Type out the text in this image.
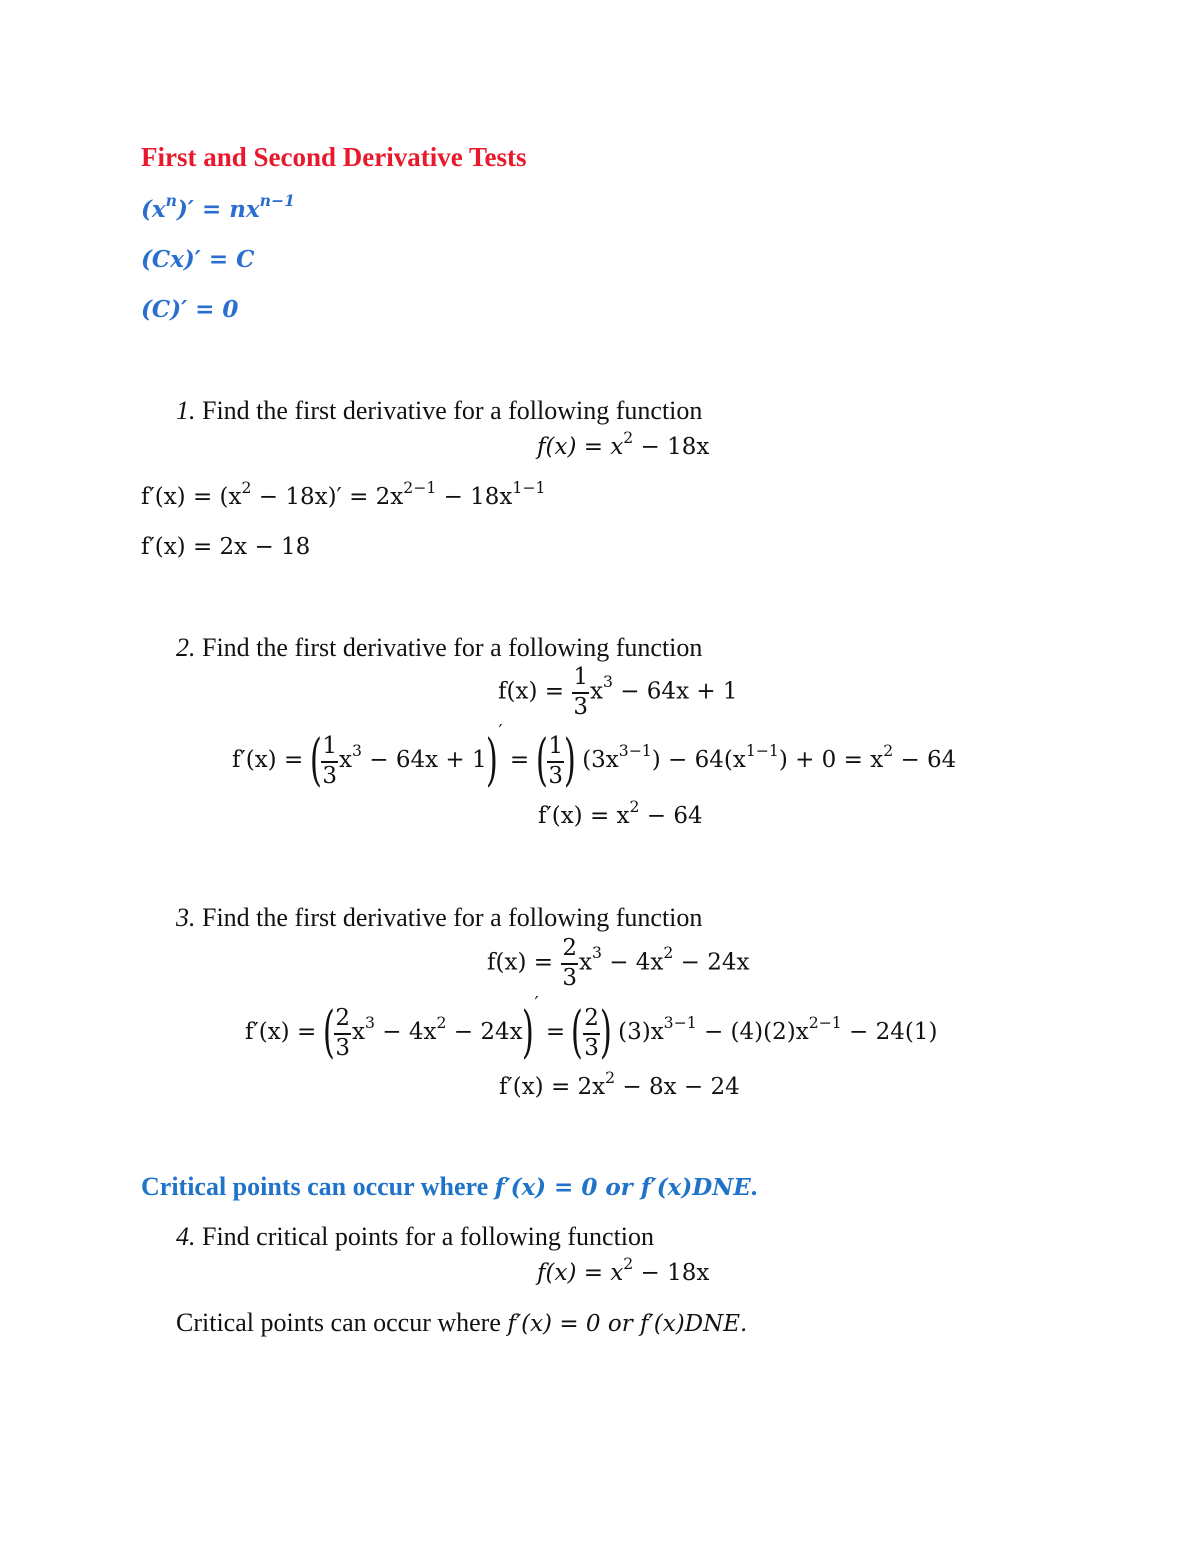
First and Second Derivative Tests
$(x^n)' = nx^{n-1}$
(Cx)′ = C
(C)′ = 0
1. Find the first derivative for a following function
$f(x) = x^2 - 18x$
$f'(x) = (x^2 - 18x)' = 2x^{2-1} - 18x^{1-1}$
f′(x) = 2x − 18
2. Find the first derivative for a following function
$f(x) = \frac{1}{3} x^3 - 64x + 1$
f′(x) = ( $\frac{1}{3} x^3 - 64x + 1)'$ = ( $\frac{1}{3}$ ) $(3x^{3-1}) - 64(x^{1-1}) + 0 = x^2 - 64$
$f'(x) = x^2 - 64$
3. Find the first derivative for a following function
$f(x) = \frac{2}{3} x^3 - 4x^2 - 24x$
f′(x) = ( $\frac{2}{3} x^3 - 4x^2 - 24x)'$ = ( $\frac{2}{3}$ ) $(3)x^{3-1} - (4)(2)x^{2-1} - 24(1)$
$f'(x) = 2x^2 - 8x - 24$
Critical points can occur where f′(x) = 0 or f′(x)DNE.
4. Find critical points for a following function
$f(x) = x^2 - 18x$
Critical points can occur where f′(x) = 0 or f′(x)DNE.
